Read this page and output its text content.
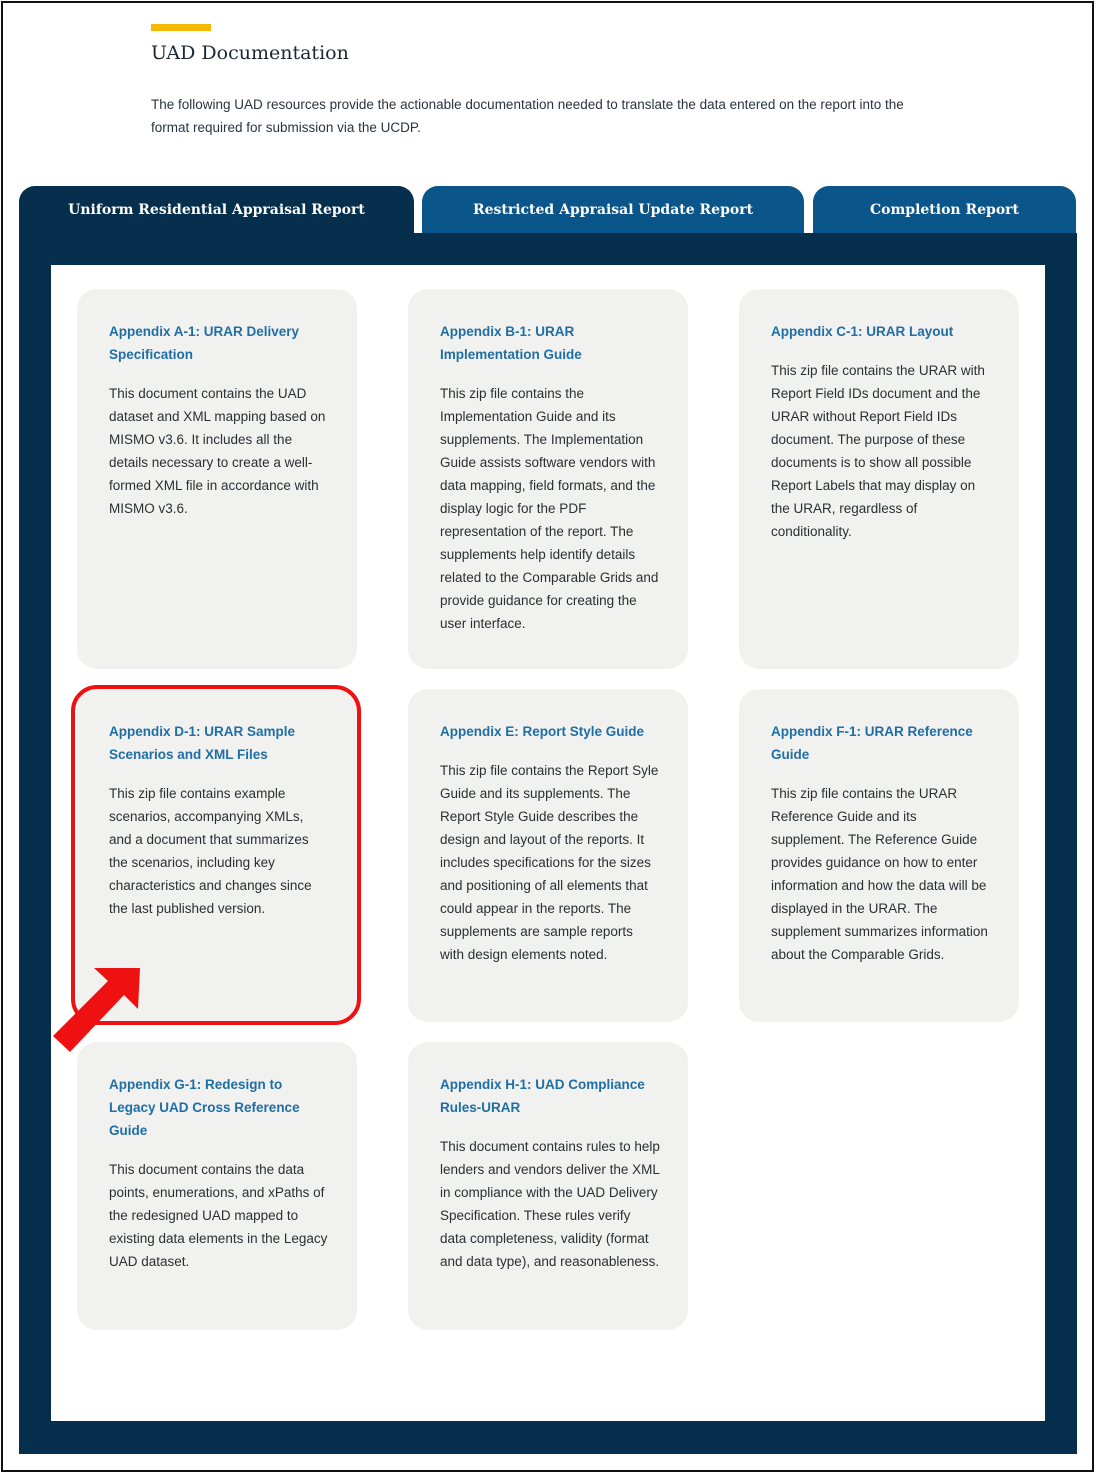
UAD Documentation

The following UAD resources provide the actionable documentation needed to translate the data entered on the report into the format required for submission via the UCDP.

Uniform Residential Appraisal Report	Restricted Appraisal Update Report	Completion Report
Appendix A-1: URAR Delivery Specification

This document contains the UAD dataset and XML mapping based on MISMO v3.6. It includes all the details necessary to create a well-formed XML file in accordance with MISMO v3.6.

Appendix B-1: URAR Implementation Guide

This zip file contains the Implementation Guide and its supplements. The Implementation Guide assists software vendors with data mapping, field formats, and the display logic for the PDF representation of the report. The supplements help identify details related to the Comparable Grids and provide guidance for creating the user interface.

Appendix C-1: URAR Layout

This zip file contains the URAR with Report Field IDs document and the URAR without Report Field IDs document. The purpose of these documents is to show all possible Report Labels that may display on the URAR, regardless of conditionality.

Appendix D-1: URAR Sample Scenarios and XML Files

This zip file contains example scenarios, accompanying XMLs, and a document that summarizes the scenarios, including key characteristics and changes since the last published version.

Appendix E: Report Style Guide

This zip file contains the Report Syle Guide and its supplements. The Report Style Guide describes the design and layout of the reports. It includes specifications for the sizes and positioning of all elements that could appear in the reports. The supplements are sample reports with design elements noted.

Appendix F-1: URAR Reference Guide

This zip file contains the URAR Reference Guide and its supplement. The Reference Guide provides guidance on how to enter information and how the data will be displayed in the URAR. The supplement summarizes information about the Comparable Grids.

Appendix G-1: Redesign to Legacy UAD Cross Reference Guide

This document contains the data points, enumerations, and xPaths of the redesigned UAD mapped to existing data elements in the Legacy UAD dataset.

Appendix H-1: UAD Compliance Rules-URAR

This document contains rules to help lenders and vendors deliver the XML in compliance with the UAD Delivery Specification. These rules verify data completeness, validity (format and data type), and reasonableness.
